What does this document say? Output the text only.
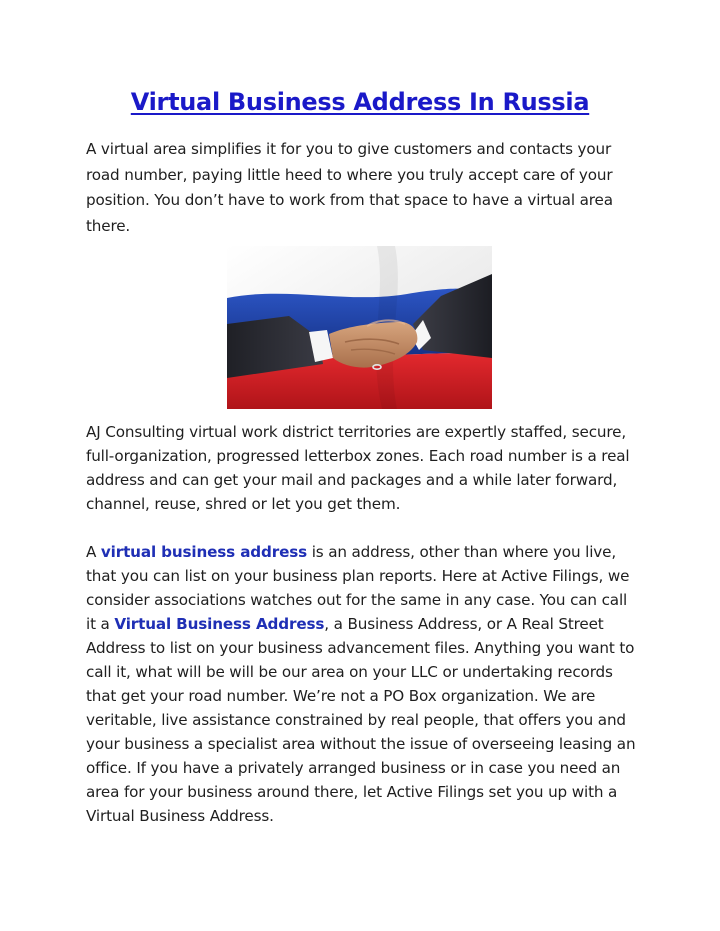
Virtual Business Address In Russia

A virtual area simplifies it for you to give customers and contacts your road number, paying little heed to where you truly accept care of your position. You don’t have to work from that space to have a virtual area there.

AJ Consulting virtual work district territories are expertly staffed, secure, full-organization, progressed letterbox zones. Each road number is a real address and can get your mail and packages and a while later forward, channel, reuse, shred or let you get them.

A virtual business address is an address, other than where you live, that you can list on your business plan reports. Here at Active Filings, we consider associations watches out for the same in any case. You can call it a Virtual Business Address, a Business Address, or A Real Street Address to list on your business advancement files. Anything you want to call it, what will be will be our area on your LLC or undertaking records that get your road number. We’re not a PO Box organization. We are veritable, live assistance constrained by real people, that offers you and your business a specialist area without the issue of overseeing leasing an office. If you have a privately arranged business or in case you need an area for your business around there, let Active Filings set you up with a Virtual Business Address.
